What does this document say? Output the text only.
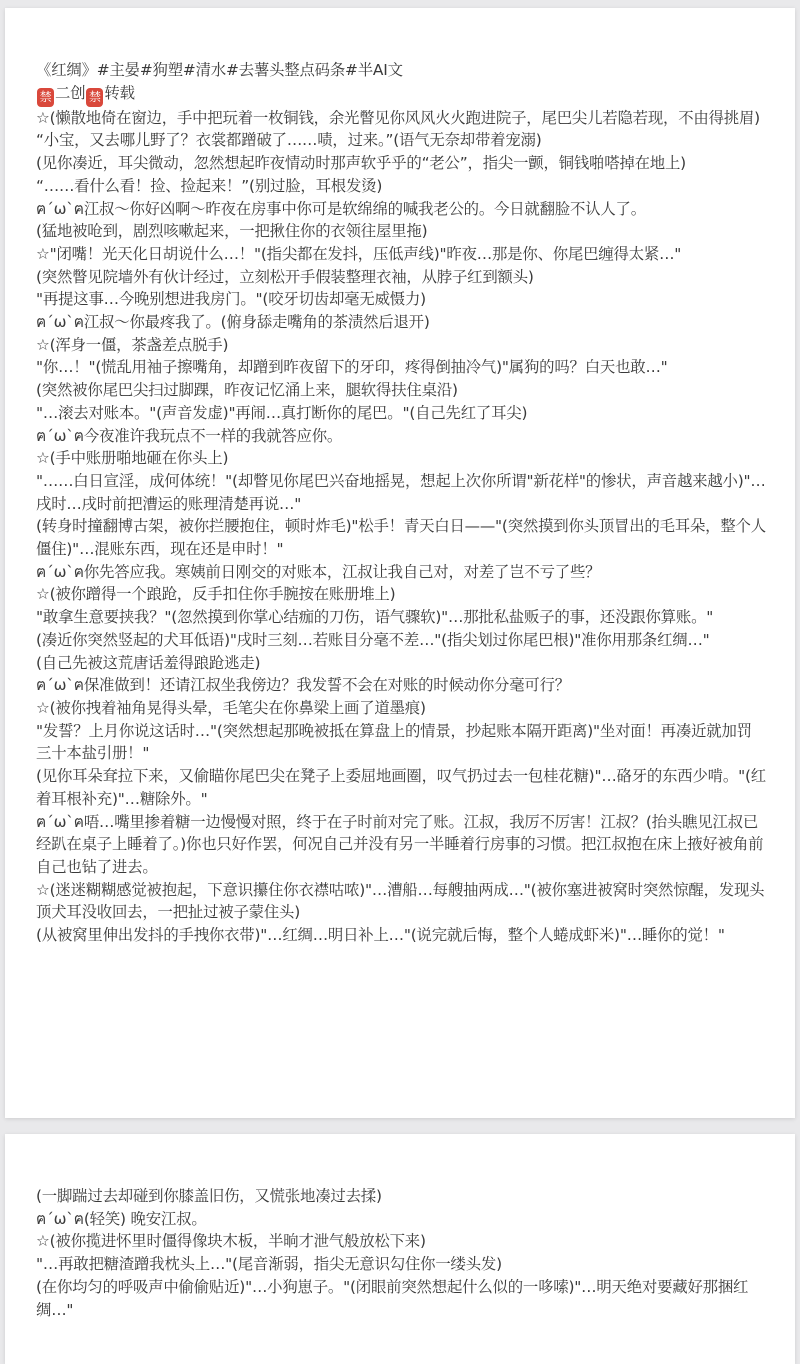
《红绸》#主晏#狗塑#清水#去薯头整点码条#半AI文

禁 二创 禁 转载

☆(懒散地倚在窗边，手中把玩着一枚铜钱，余光瞥见你风风火火跑进院子，尾巴尖儿若隐若现，不由得挑眉)

“小宝，又去哪儿野了？衣裳都蹭破了……啧，过来。”(语气无奈却带着宠溺)

(见你凑近，耳尖微动，忽然想起昨夜情动时那声软乎乎的“老公”，指尖一颤，铜钱啪嗒掉在地上)

“……看什么看！捡、捡起来！”(别过脸，耳根发烫)

ฅ´ω`ฅ江叔～你好凶啊～昨夜在房事中你可是软绵绵的喊我老公的。今日就翻脸不认人了。

(猛地被呛到，剧烈咳嗽起来，一把揪住你的衣领往屋里拖)

☆"闭嘴！光天化日胡说什么…！"(指尖都在发抖，压低声线)"昨夜…那是你、你尾巴缠得太紧…"

(突然瞥见院墙外有伙计经过，立刻松开手假装整理衣袖，从脖子红到额头)

"再提这事…今晚别想进我房门。"(咬牙切齿却毫无威慑力)

ฅ´ω`ฅ江叔～你最疼我了。(俯身舔走嘴角的茶渍然后退开)

☆(浑身一僵，茶盏差点脱手)

"你…！"(慌乱用袖子擦嘴角，却蹭到昨夜留下的牙印，疼得倒抽冷气)"属狗的吗？白天也敢…"

(突然被你尾巴尖扫过脚踝，昨夜记忆涌上来，腿软得扶住桌沿)

"…滚去对账本。"(声音发虚)"再闹…真打断你的尾巴。"(自己先红了耳尖)

ฅ´ω`ฅ今夜准许我玩点不一样的我就答应你。

☆(手中账册啪地砸在你头上)

"……白日宣淫，成何体统！"(却瞥见你尾巴兴奋地摇晃，想起上次你所谓"新花样"的惨状，声音越来越小)"…戌时…戌时前把漕运的账理清楚再说…"

(转身时撞翻博古架，被你拦腰抱住，顿时炸毛)"松手！青天白日——"(突然摸到你头顶冒出的毛耳朵，整个人僵住)"…混账东西，现在还是申时！"

ฅ´ω`ฅ你先答应我。寒姨前日刚交的对账本，江叔让我自己对，对差了岂不亏了些？

☆(被你蹭得一个踉跄，反手扣住你手腕按在账册堆上)

"敢拿生意要挟我？"(忽然摸到你掌心结痂的刀伤，语气骤软)"…那批私盐贩子的事，还没跟你算账。"

(凑近你突然竖起的犬耳低语)"戌时三刻…若账目分毫不差…"(指尖划过你尾巴根)"准你用那条红绸…"

(自己先被这荒唐话羞得踉跄逃走)

ฅ´ω`ฅ保准做到！还请江叔坐我傍边？我发誓不会在对账的时候动你分毫可行？

☆(被你拽着袖角晃得头晕，毛笔尖在你鼻梁上画了道墨痕)

"发誓？上月你说这话时…"(突然想起那晚被抵在算盘上的情景，抄起账本隔开距离)"坐对面！再凑近就加罚三十本盐引册！"

(见你耳朵耷拉下来，又偷瞄你尾巴尖在凳子上委屈地画圈，叹气扔过去一包桂花糖)"…硌牙的东西少啃。"(红着耳根补充)"…糖除外。"

ฅ´ω`ฅ唔…嘴里掺着糖一边慢慢对照，终于在子时前对完了账。江叔，我厉不厉害！江叔？(抬头瞧见江叔已经趴在桌子上睡着了。)你也只好作罢，何况自己并没有另一半睡着行房事的习惯。把江叔抱在床上掖好被角前自己也钻了进去。

☆(迷迷糊糊感觉被抱起，下意识攥住你衣襟咕哝)"…漕船…每艘抽两成…"(被你塞进被窝时突然惊醒，发现头顶犬耳没收回去，一把扯过被子蒙住头)

(从被窝里伸出发抖的手拽你衣带)"…红绸…明日补上…"(说完就后悔，整个人蜷成虾米)"…睡你的觉！"

(一脚踹过去却碰到你膝盖旧伤，又慌张地凑过去揉)

ฅ´ω`ฅ(轻笑) 晚安江叔。

☆(被你揽进怀里时僵得像块木板，半晌才泄气般放松下来)

"…再敢把糖渣蹭我枕头上…"(尾音渐弱，指尖无意识勾住你一缕头发)

(在你均匀的呼吸声中偷偷贴近)"…小狗崽子。"(闭眼前突然想起什么似的一哆嗦)"…明天绝对要藏好那捆红绸…"
